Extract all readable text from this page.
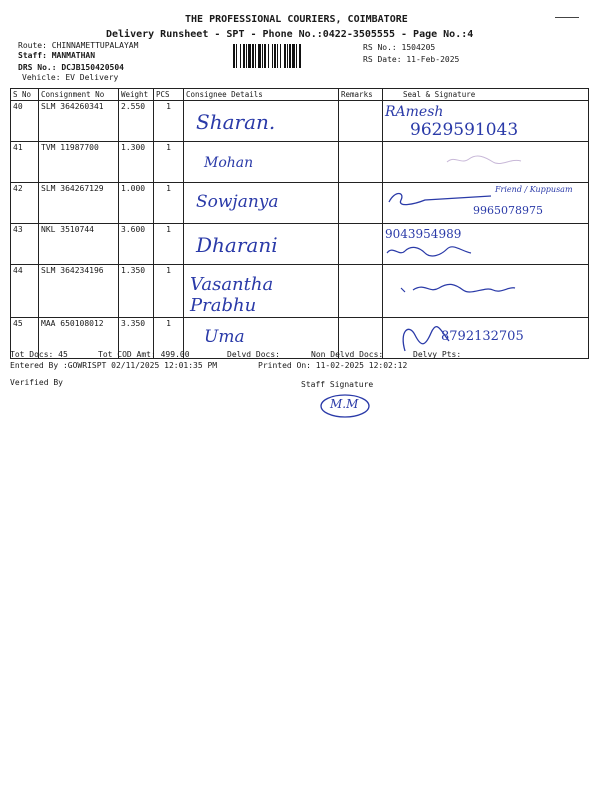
THE PROFESSIONAL COURIERS, COIMBATORE
Delivery Runsheet - SPT - Phone No.:0422-3505555 - Page No.:4
Route: CHINNAMETTUPALAYAM
Staff: MANMATHAN
DRS No.: DCJB150420504
Vehicle: EV Delivery
RS No.: 1504205
RS Date: 11-Feb-2025
S No	Consignment No	Weight	PCS	Consignee Details	Remarks	Seal & Signature
40	SLM 364260341	2.550	1	Sharan.		RAmesh
9629591043

41	TVM 11987700	1.300	1	Mohan

42	SLM 364267129	1.000	1	Sowjanya		Friend / Kuppusam
9965078975

43	NKL 3510744	3.600	1	Dharani		9043954989

44	SLM 364234196	1.350	1	Vasantha Prabhu

45	MAA 650108012	3.350	1	Uma		8792132705
Tot Docs: 45	Tot COD Amt: 499.00	Delvd Docs:	Non Delvd Docs:	Delvy Pts:
Entered By :GOWRISPT 02/11/2025 12:01:35 PM	Printed On: 11-02-2025 12:02:12
Verified By	Staff Signature
M.M
